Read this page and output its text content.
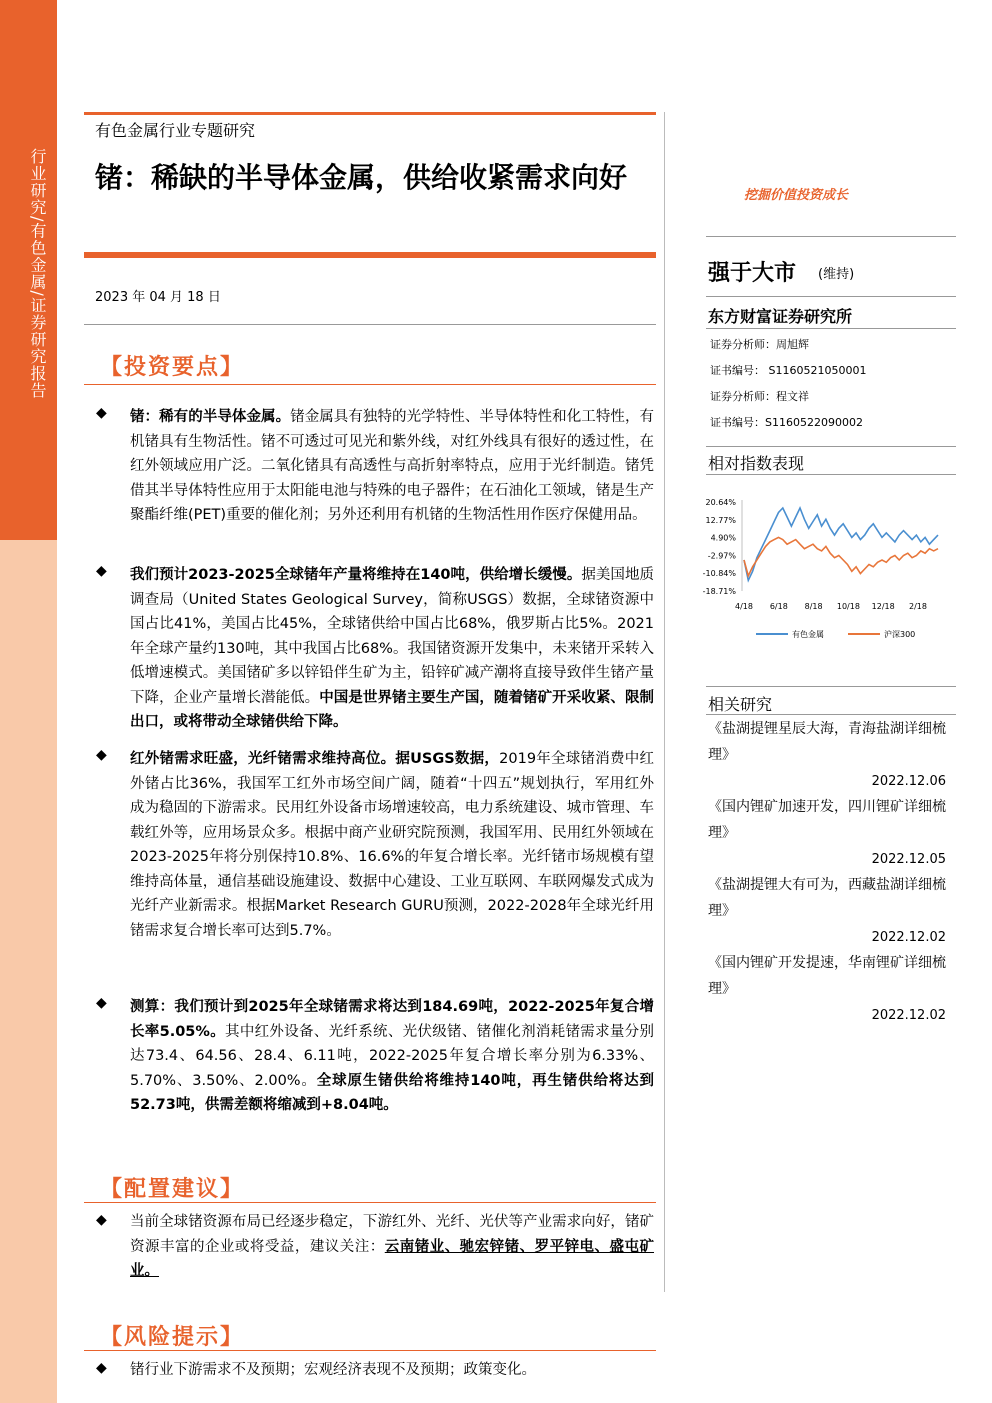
行业研究/有色金属/证券研究报告
有色金属行业专题研究
锗：稀缺的半导体金属，供给收紧需求向好
2023 年 04 月 18 日
【投资要点】
◆ 锗：稀有的半导体金属。锗金属具有独特的光学特性、半导体特性和化工特性，有机锗具有生物活性。锗不可透过可见光和紫外线，对红外线具有很好的透过性，在红外领域应用广泛。二氧化锗具有高透性与高折射率特点，应用于光纤制造。锗凭借其半导体特性应用于太阳能电池与特殊的电子器件；在石油化工领域，锗是生产聚酯纤维(PET)重要的催化剂；另外还利用有机锗的生物活性用作医疗保健用品。
◆ 我们预计2023-2025全球锗年产量将维持在140吨，供给增长缓慢。据美国地质调查局（United States Geological Survey，简称USGS）数据，全球锗资源中国占比41%，美国占比45%，全球锗供给中国占比68%，俄罗斯占比5%。2021年全球产量约130吨，其中我国占比68%。我国锗资源开发集中，未来锗开采转入低增速模式。美国锗矿多以锌铅伴生矿为主，铅锌矿减产潮将直接导致伴生锗产量下降，企业产量增长潜能低。中国是世界锗主要生产国，随着锗矿开采收紧、限制出口，或将带动全球锗供给下降。
◆ 红外锗需求旺盛，光纤锗需求维持高位。据USGS数据，2019年全球锗消费中红外锗占比36%，我国军工红外市场空间广阔，随着“十四五”规划执行，军用红外成为稳固的下游需求。民用红外设备市场增速较高，电力系统建设、城市管理、车载红外等，应用场景众多。根据中商产业研究院预测，我国军用、民用红外领域在2023-2025年将分别保持10.8%、16.6%的年复合增长率。光纤锗市场规模有望维持高体量，通信基础设施建设、数据中心建设、工业互联网、车联网爆发式成为光纤产业新需求。根据Market Research GURU预测，2022-2028年全球光纤用锗需求复合增长率可达到5.7%。
◆ 测算：我们预计到2025年全球锗需求将达到184.69吨，2022-2025年复合增长率5.05%。其中红外设备、光纤系统、光伏级锗、锗催化剂消耗锗需求量分别达73.4、64.56、28.4、6.11吨，2022-2025年复合增长率分别为6.33%、5.70%、3.50%、2.00%。全球原生锗供给将维持140吨，再生锗供给将达到52.73吨，供需差额将缩减到+8.04吨。
【配置建议】
◆ 当前全球锗资源布局已经逐步稳定，下游红外、光纤、光伏等产业需求向好，锗矿资源丰富的企业或将受益，建议关注：云南锗业、驰宏锌锗、罗平锌电、盛屯矿业。
【风险提示】
◆ 锗行业下游需求不及预期；宏观经济表现不及预期；政策变化。
挖掘价值投资成长
强于大市 (维持)
东方财富证券研究所
证券分析师：周旭辉
证书编号： S1160521050001
证券分析师：程文祥
证书编号：S1160522090002
相对指数表现
20.64%
12.77%
4.90%
-2.97%
-10.84%
-18.71%
4/18 6/18 8/18 10/18 12/18 2/18
有色金属	沪深300
相关研究
《盐湖提锂星辰大海，青海盐湖详细梳理》
2022.12.06
《国内锂矿加速开发，四川锂矿详细梳理》
2022.12.05
《盐湖提锂大有可为，西藏盐湖详细梳理》
2022.12.02
《国内锂矿开发提速，华南锂矿详细梳理》
2022.12.02
